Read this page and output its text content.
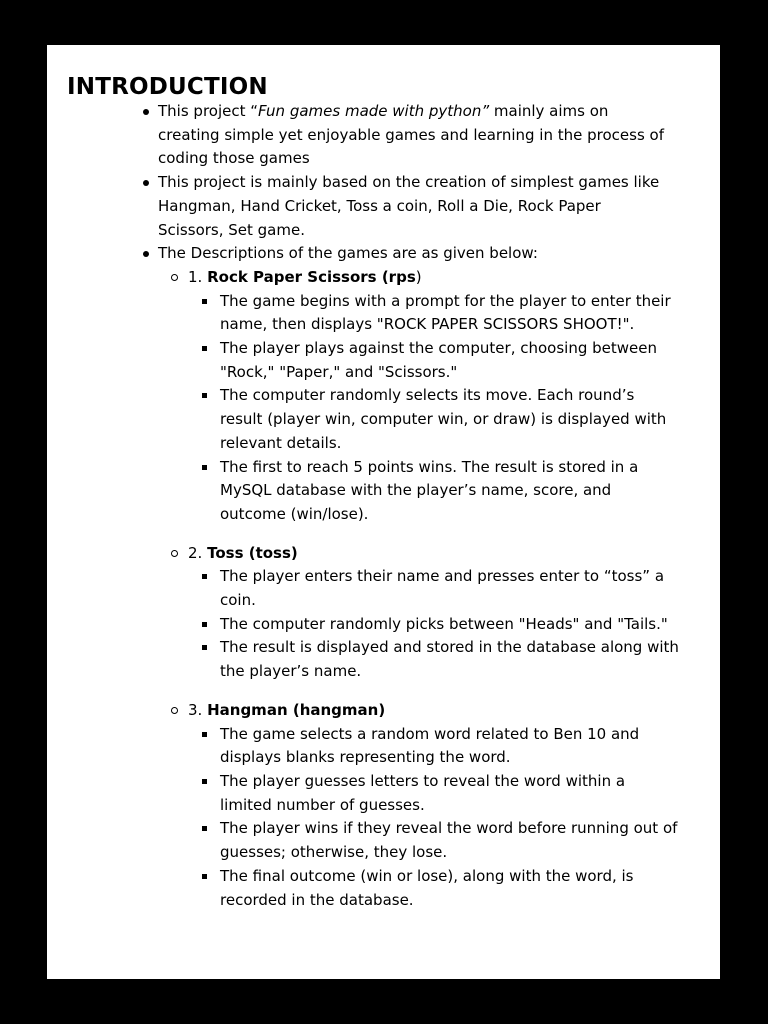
INTRODUCTION
This project “Fun games made with python” mainly aims on creating simple yet enjoyable games and learning in the process of coding those games
This project is mainly based on the creation of simplest games like Hangman, Hand Cricket, Toss a coin, Roll a Die, Rock Paper Scissors, Set game.
The Descriptions of the games are as given below:
1. Rock Paper Scissors (rps)
The game begins with a prompt for the player to enter their name, then displays "ROCK PAPER SCISSORS SHOOT!".
The player plays against the computer, choosing between "Rock," "Paper," and "Scissors."
The computer randomly selects its move. Each round’s result (player win, computer win, or draw) is displayed with relevant details.
The first to reach 5 points wins. The result is stored in a MySQL database with the player’s name, score, and outcome (win/lose).
2. Toss (toss)
The player enters their name and presses enter to “toss” a coin.
The computer randomly picks between "Heads" and "Tails."
The result is displayed and stored in the database along with the player’s name.
3. Hangman (hangman)
The game selects a random word related to Ben 10 and displays blanks representing the word.
The player guesses letters to reveal the word within a limited number of guesses.
The player wins if they reveal the word before running out of guesses; otherwise, they lose.
The final outcome (win or lose), along with the word, is recorded in the database.
